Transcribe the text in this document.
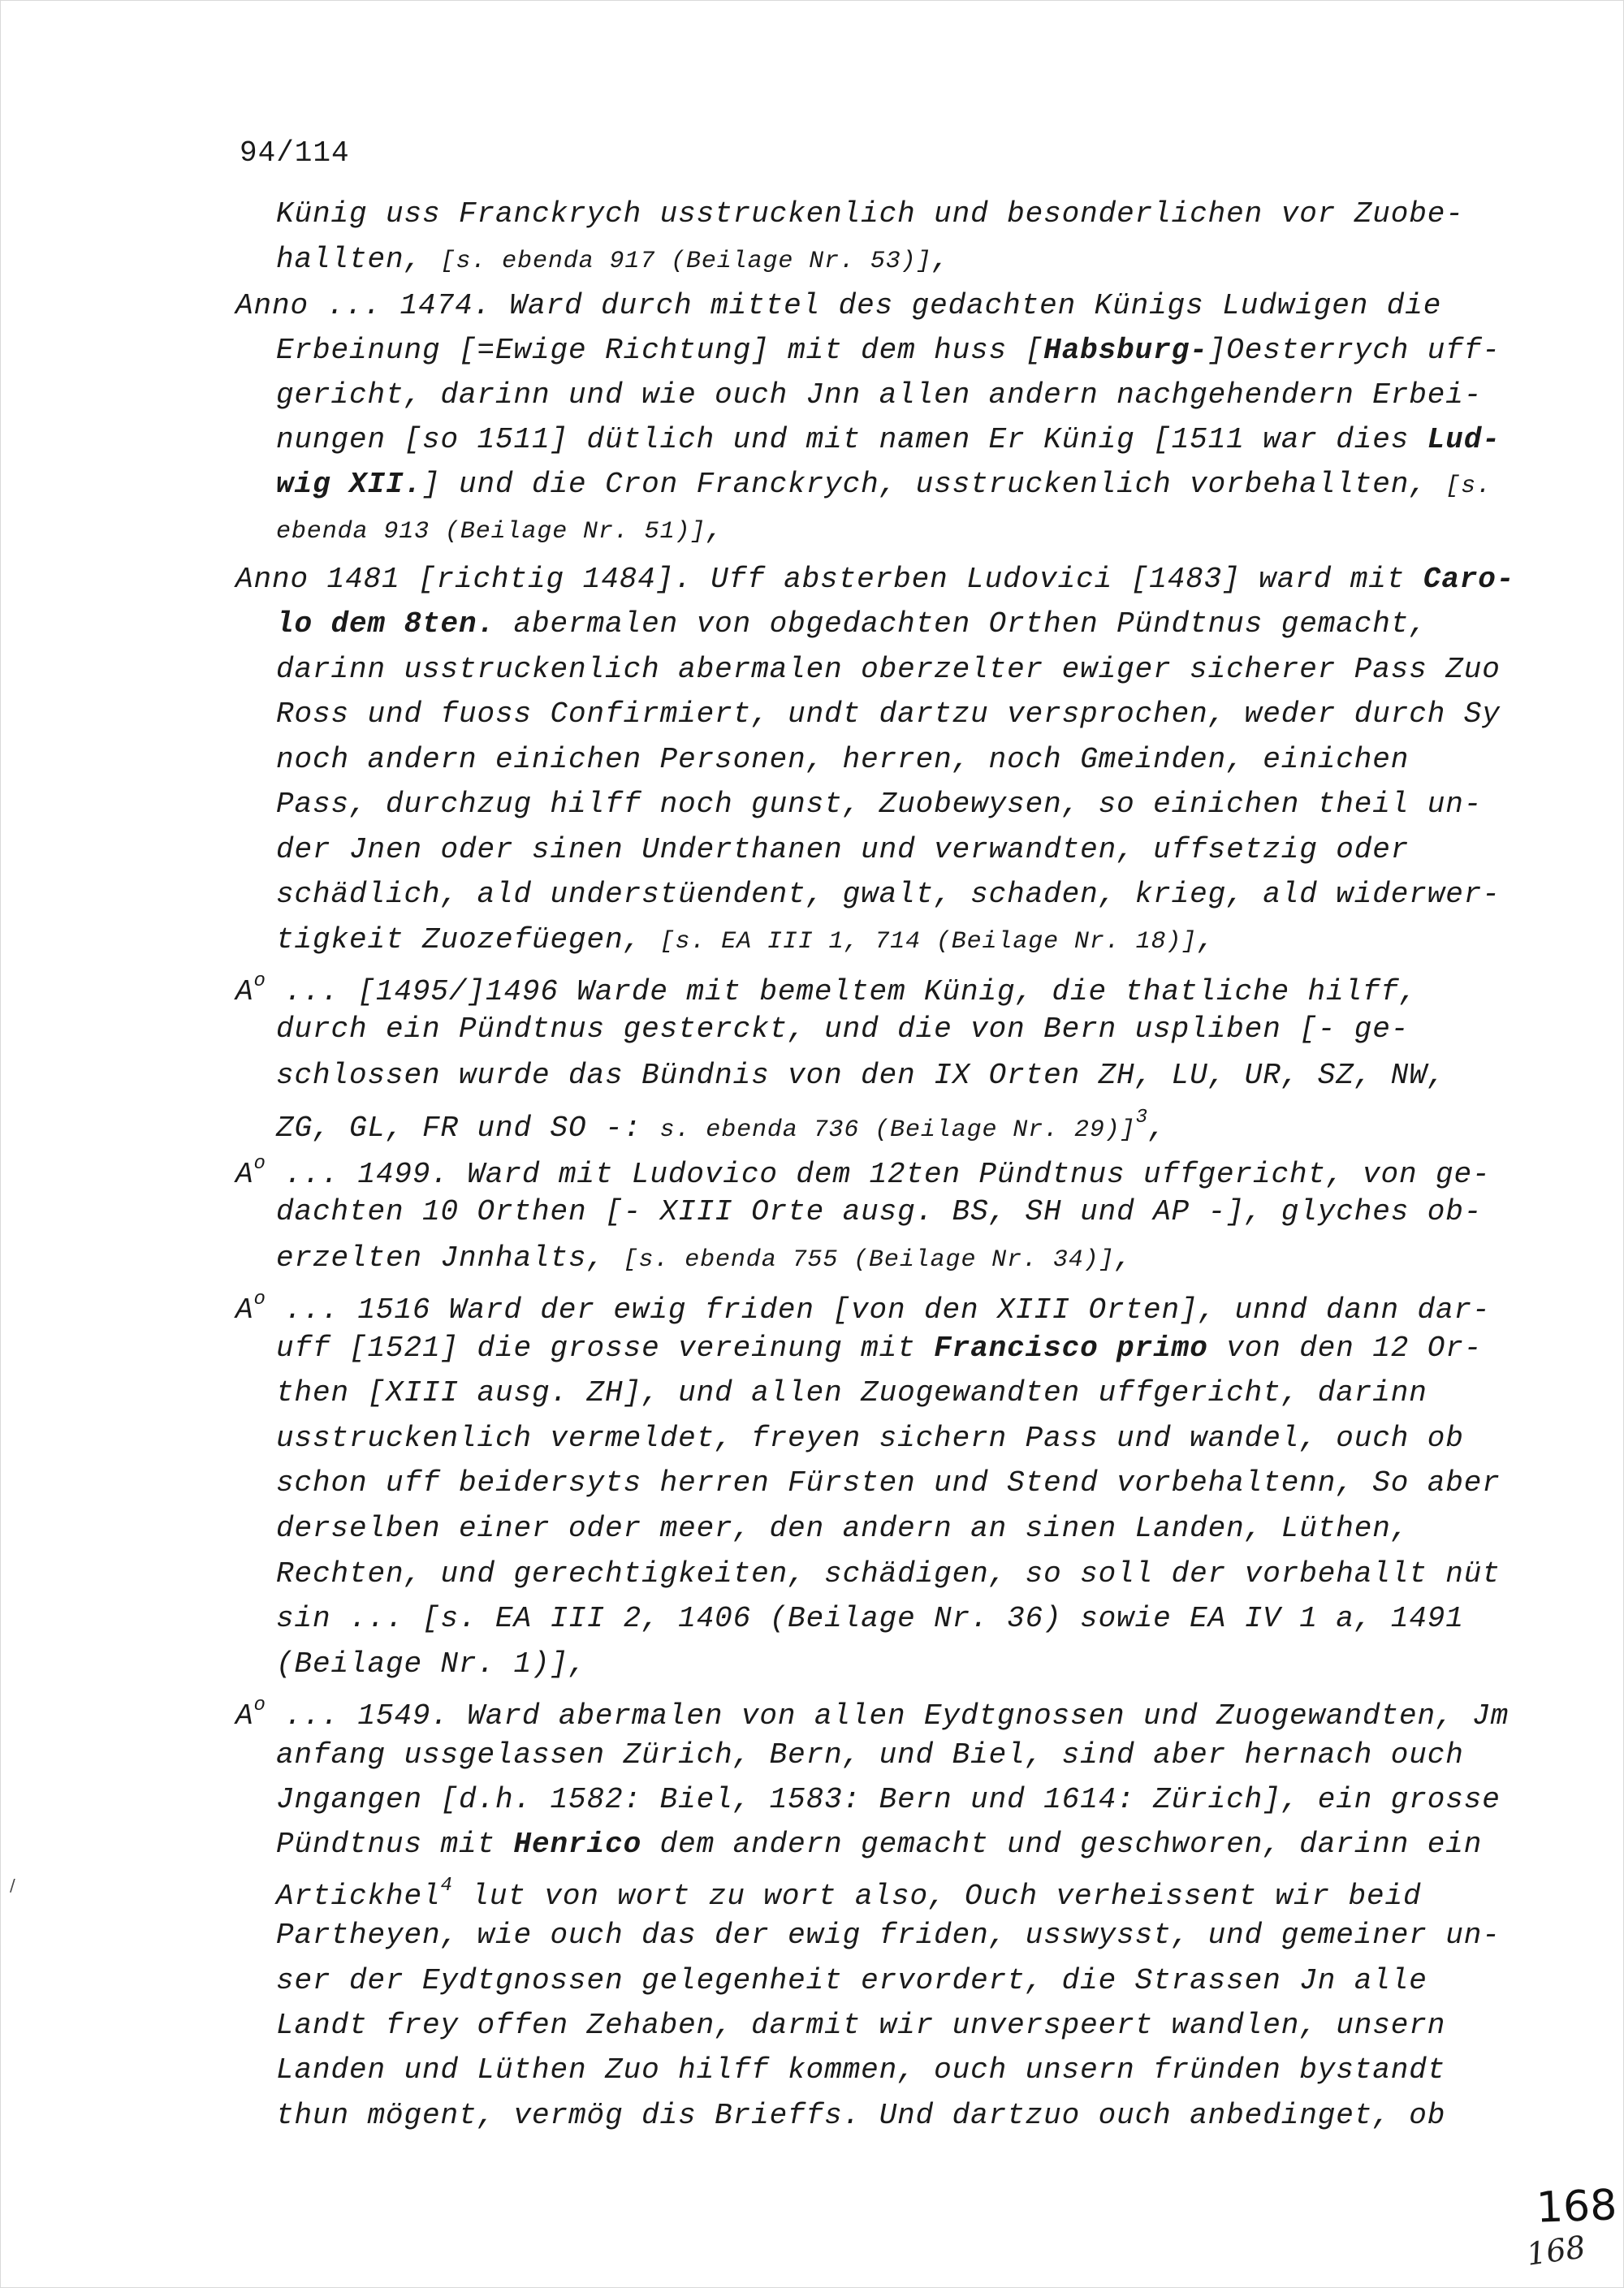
94/114
Künig uss Franckrych usstruckenlich und besonderlichen vor Zuobe-
hallten, [s. ebenda 917 (Beilage Nr. 53)],
Anno ... 1474. Ward durch mittel des gedachten Künigs Ludwigen die
Erbeinung [=Ewige Richtung] mit dem huss [Habsburg-]Oesterrych uff-
gericht, darinn und wie ouch Jnn allen andern nachgehendern Erbei-
nungen [so 1511] dütlich und mit namen Er Künig [1511 war dies Lud-
wig XII.] und die Cron Franckrych, usstruckenlich vorbehallten, [s.
ebenda 913 (Beilage Nr. 51)],
Anno 1481 [richtig 1484]. Uff absterben Ludovici [1483] ward mit Caro-
lo dem 8ten. abermalen von obgedachten Orthen Pündtnus gemacht,
darinn usstruckenlich abermalen oberzelter ewiger sicherer Pass Zuo
Ross und fuoss Confirmiert, undt dartzu versprochen, weder durch Sy
noch andern einichen Personen, herren, noch Gmeinden, einichen
Pass, durchzug hilff noch gunst, Zuobewysen, so einichen theil un-
der Jnen oder sinen Underthanen und verwandten, uffsetzig oder
schädlich, ald understüendent, gwalt, schaden, krieg, ald widerwer-
tigkeit Zuozefüegen, [s. EA III 1, 714 (Beilage Nr. 18)],
$A^o$ ... [1495/]1496 Warde mit bemeltem Künig, die thatliche hilff,
durch ein Pündtnus gesterckt, und die von Bern uspliben [- ge-
schlossen wurde das Bündnis von den IX Orten ZH, LU, UR, SZ, NW,
ZG, GL, FR und SO -: s. ebenda 736 (Beilage Nr. 29)]$^3$,
$A^o$ ... 1499. Ward mit Ludovico dem 12ten Pündtnus uffgericht, von ge-
dachten 10 Orthen [- XIII Orte ausg. BS, SH und AP -], glyches ob-
erzelten Jnnhalts, [s. ebenda 755 (Beilage Nr. 34)],
$A^o$ ... 1516 Ward der ewig friden [von den XIII Orten], unnd dann dar-
uff [1521] die grosse vereinung mit Francisco primo von den 12 Or-
then [XIII ausg. ZH], und allen Zuogewandten uffgericht, darinn
usstruckenlich vermeldet, freyen sichern Pass und wandel, ouch ob
schon uff beidersyts herren Fürsten und Stend vorbehaltenn, So aber
derselben einer oder meer, den andern an sinen Landen, Lüthen,
Rechten, und gerechtigkeiten, schädigen, so soll der vorbehallt nüt
sin ... [s. EA III 2, 1406 (Beilage Nr. 36) sowie EA IV 1 a, 1491
(Beilage Nr. 1)],
$A^o$ ... 1549. Ward abermalen von allen Eydtgnossen und Zuogewandten, Jm
anfang ussgelassen Zürich, Bern, und Biel, sind aber hernach ouch
Jngangen [d.h. 1582: Biel, 1583: Bern und 1614: Zürich], ein grosse
Pündtnus mit Henrico dem andern gemacht und geschworen, darinn ein
Artickhel$^4$ lut von wort zu wort also, Ouch verheissent wir beid
Partheyen, wie ouch das der ewig friden, usswysst, und gemeiner un-
ser der Eydtgnossen gelegenheit ervordert, die Strassen Jn alle
Landt frey offen Zehaben, darmit wir unverspeert wandlen, unsern
Landen und Lüthen Zuo hilff kommen, ouch unsern fründen bystandt
thun mögent, vermög dis Brieffs. Und dartzuo ouch anbedinget, ob
/
168
168
